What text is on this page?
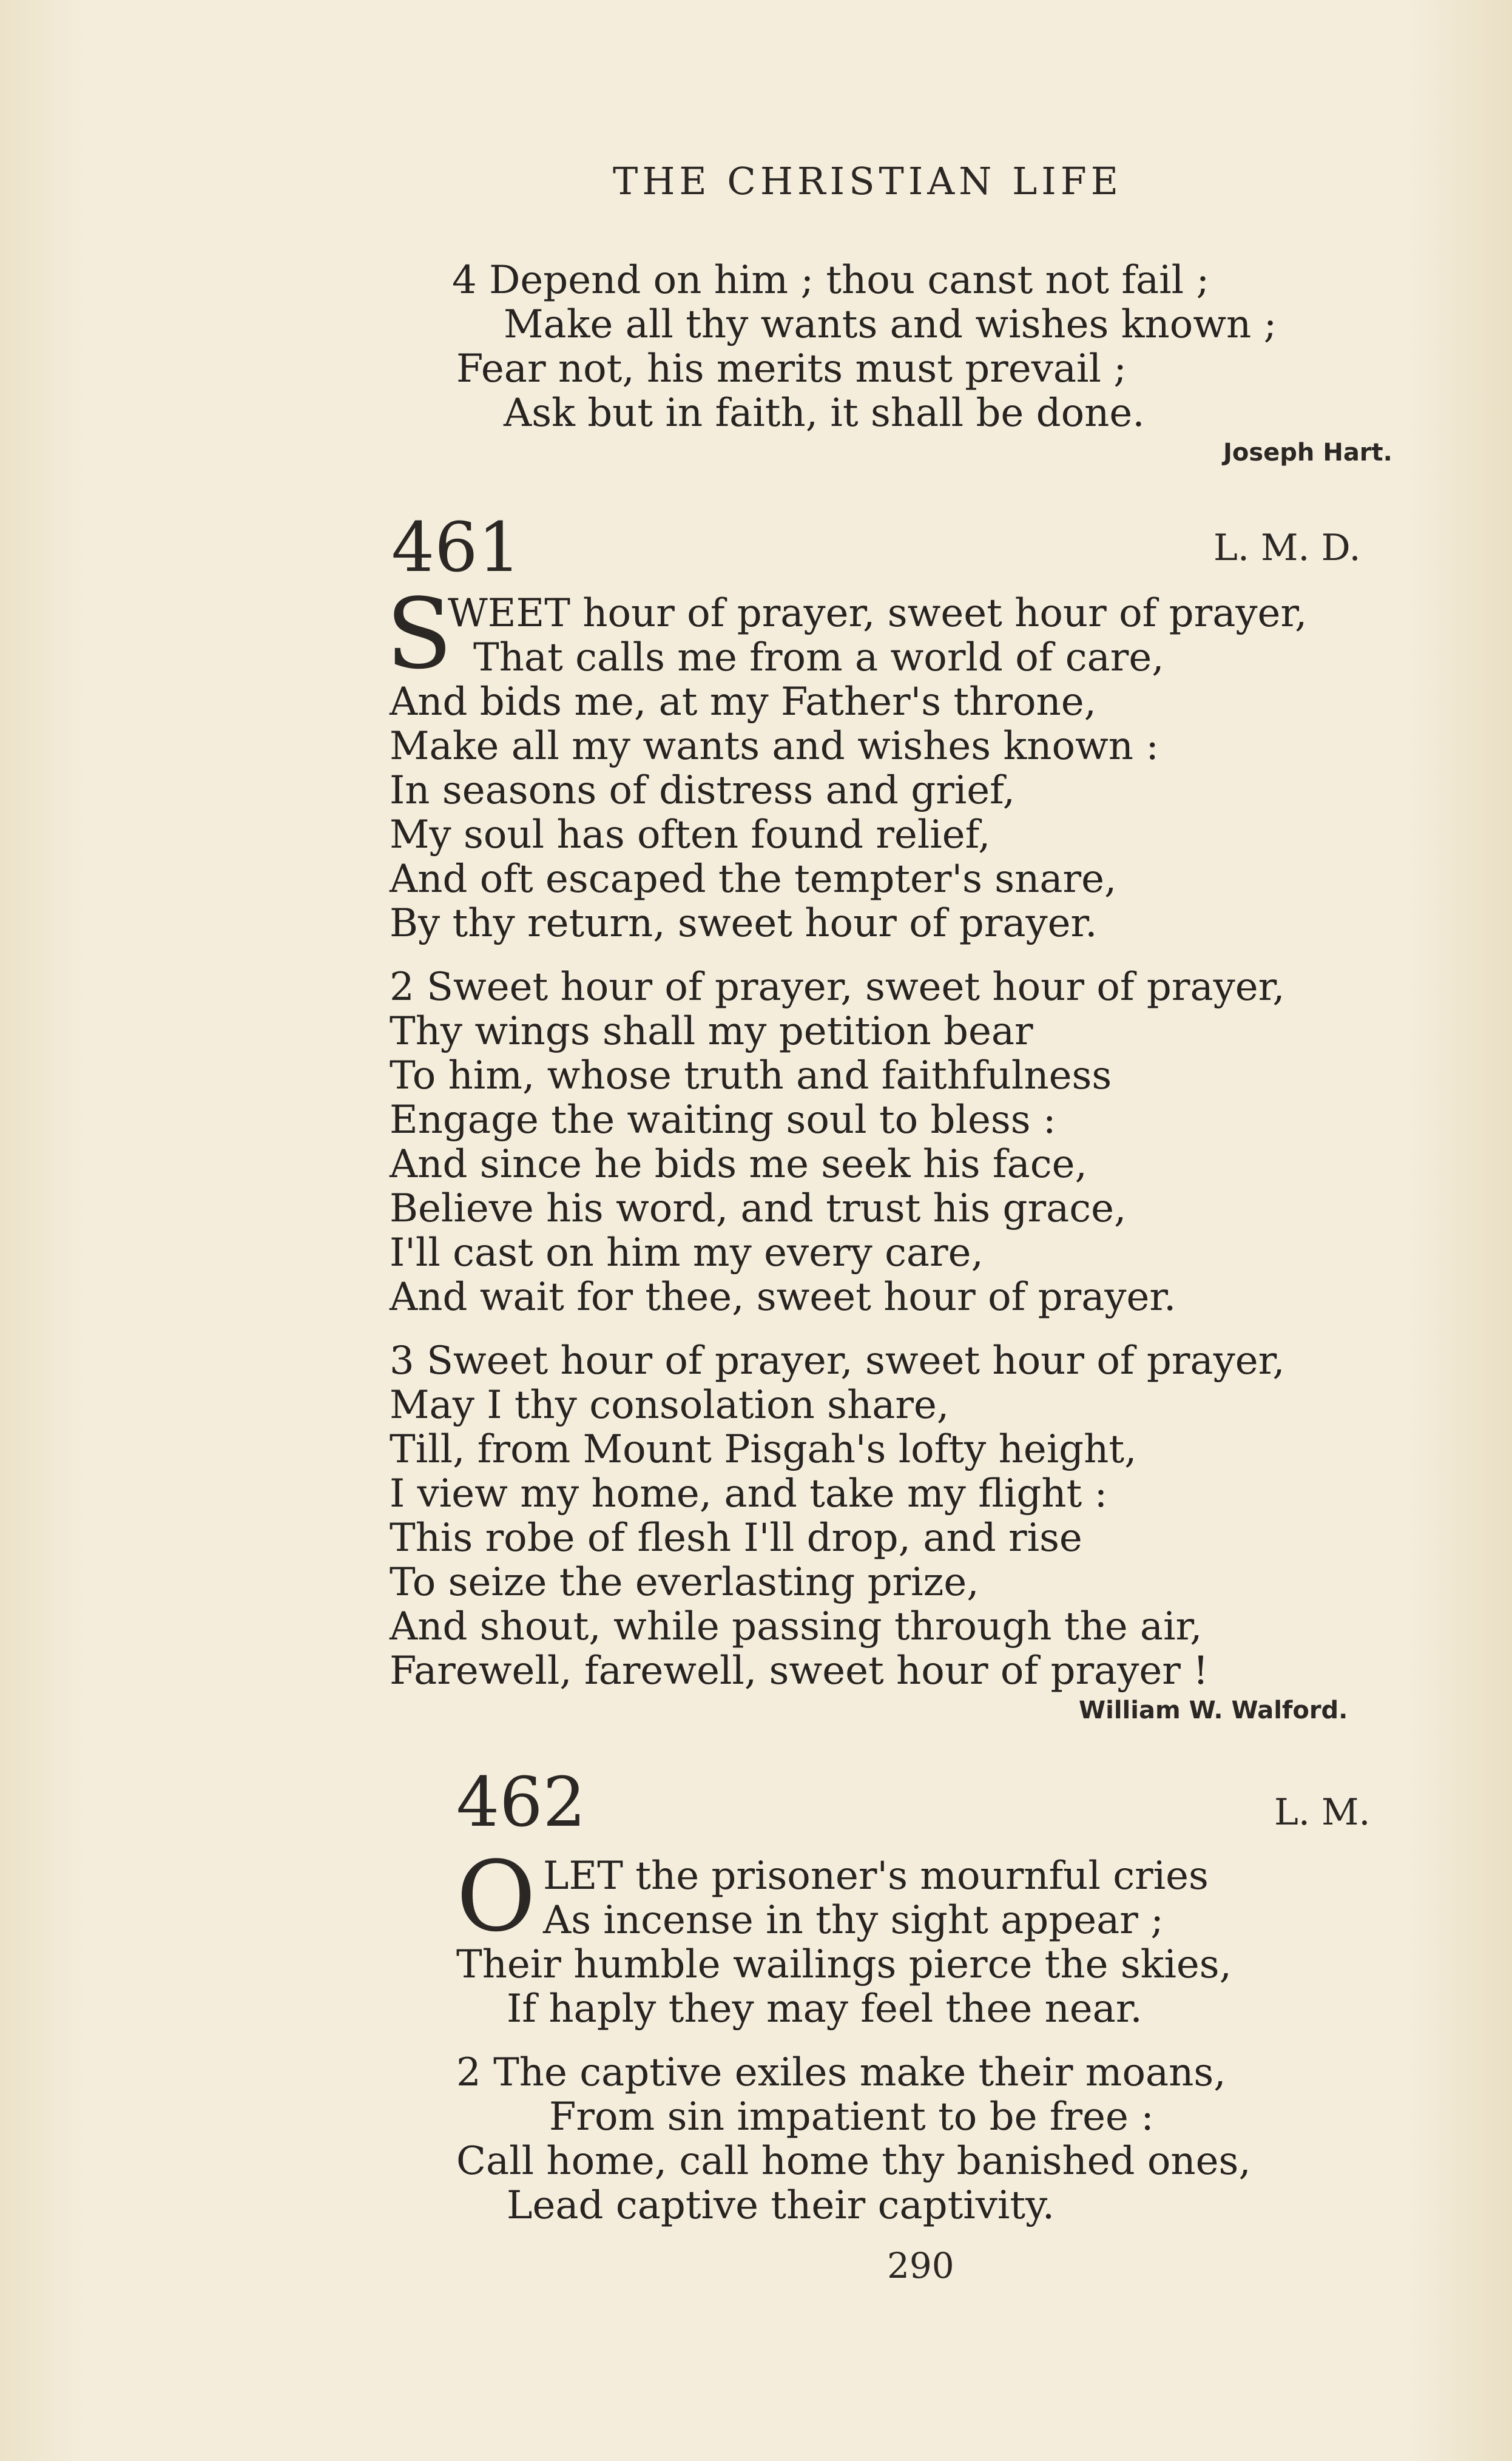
THE CHRISTIAN LIFE
4 Depend on him ; thou canst not fail ;
Make all thy wants and wishes known ;
Fear not, his merits must prevail ;
Ask but in faith, it shall be done.
Joseph Hart.
461	L. M. D.
S
WEET hour of prayer, sweet hour of prayer,
That calls me from a world of care,
And bids me, at my Father's throne,
Make all my wants and wishes known :
In seasons of distress and grief,
My soul has often found relief,
And oft escaped the tempter's snare,
By thy return, sweet hour of prayer.
2 Sweet hour of prayer, sweet hour of prayer,
Thy wings shall my petition bear
To him, whose truth and faithfulness
Engage the waiting soul to bless :
And since he bids me seek his face,
Believe his word, and trust his grace,
I'll cast on him my every care,
And wait for thee, sweet hour of prayer.
3 Sweet hour of prayer, sweet hour of prayer,
May I thy consolation share,
Till, from Mount Pisgah's lofty height,
I view my home, and take my flight :
This robe of flesh I'll drop, and rise
To seize the everlasting prize,
And shout, while passing through the air,
Farewell, farewell, sweet hour of prayer !
William W. Walford.
462	L. M.
O LET the prisoner's mournful cries
As incense in thy sight appear ;
Their humble wailings pierce the skies,
If haply they may feel thee near.
2 The captive exiles make their moans,
From sin impatient to be free :
Call home, call home thy banished ones,
Lead captive their captivity.
290
